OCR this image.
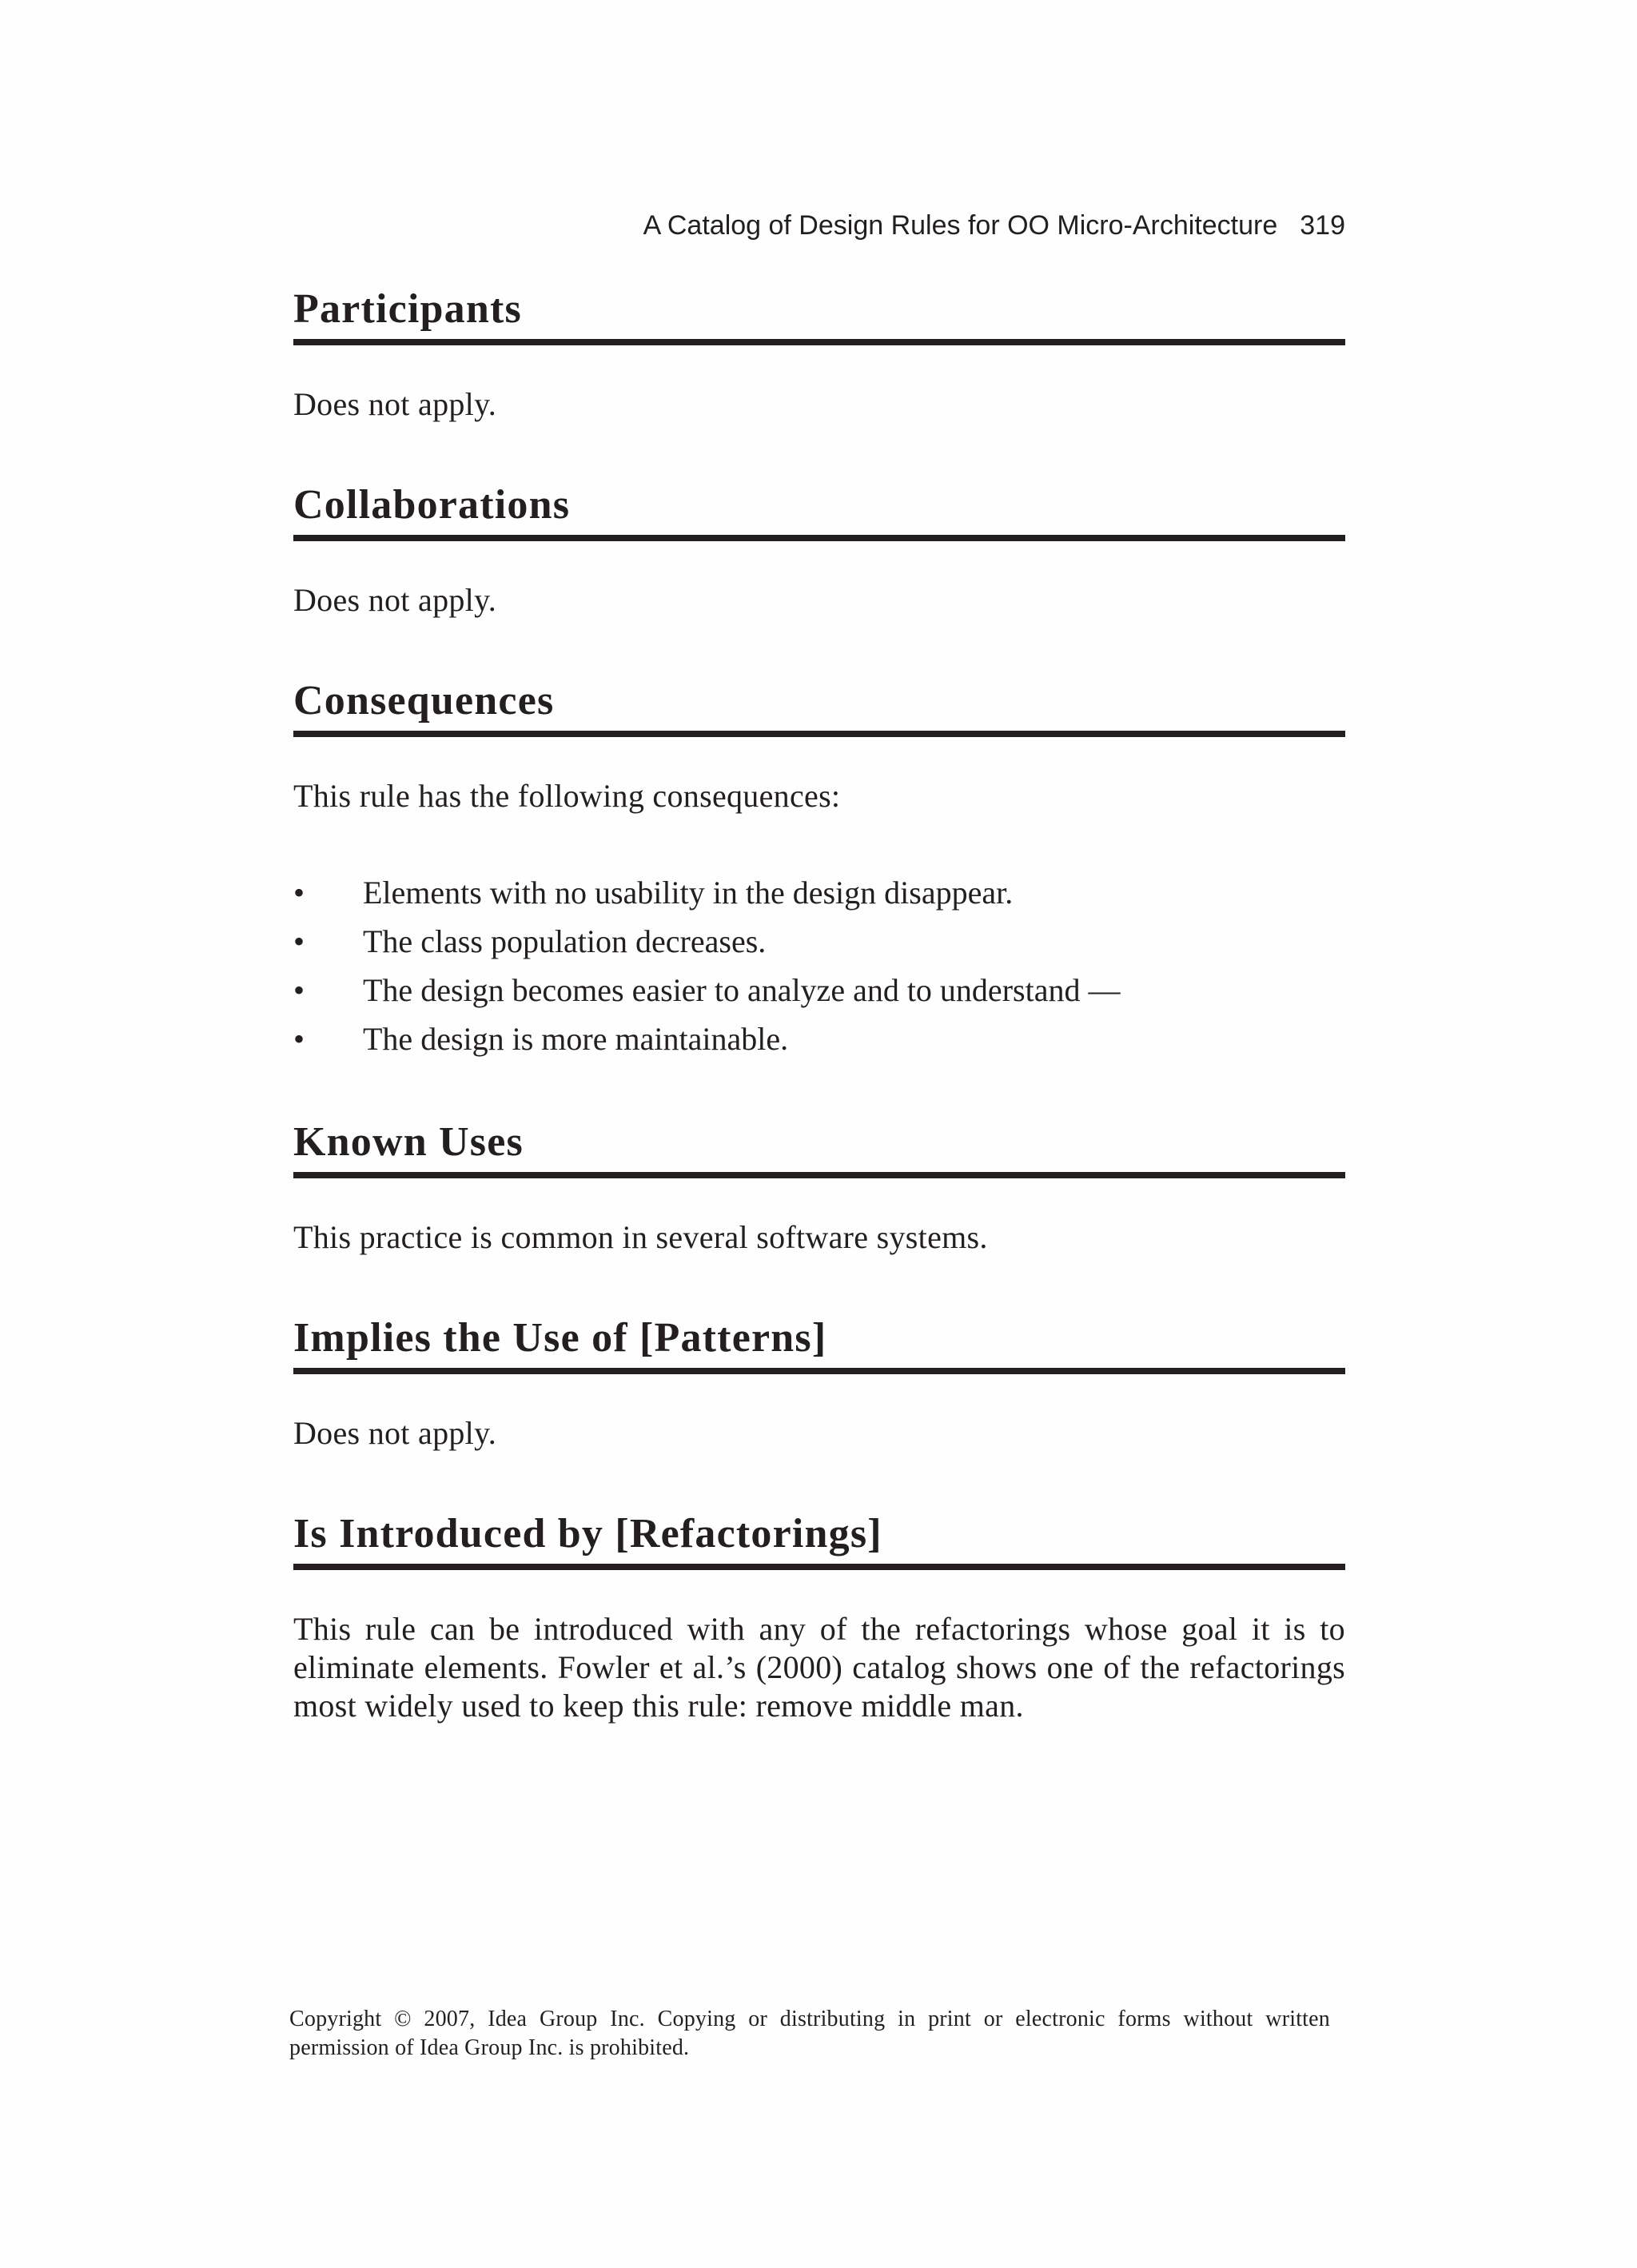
A Catalog of Design Rules for OO Micro-Architecture 319
Participants

Does not apply.

Collaborations

Does not apply.

Consequences

This rule has the following consequences:

•	Elements with no usability in the design disappear.
•	The class population decreases.
•	The design becomes easier to analyze and to understand —
•	The design is more maintainable.
Known Uses

This practice is common in several software systems.

Implies the Use of [Patterns]

Does not apply.

Is Introduced by [Refactorings]

This rule can be introduced with any of the refactorings whose goal it is to eliminate elements. Fowler et al.’s (2000) catalog shows one of the refactorings most widely used to keep this rule: remove middle man.

Copyright © 2007, Idea Group Inc. Copying or distributing in print or electronic forms without written permission of Idea Group Inc. is prohibited.
